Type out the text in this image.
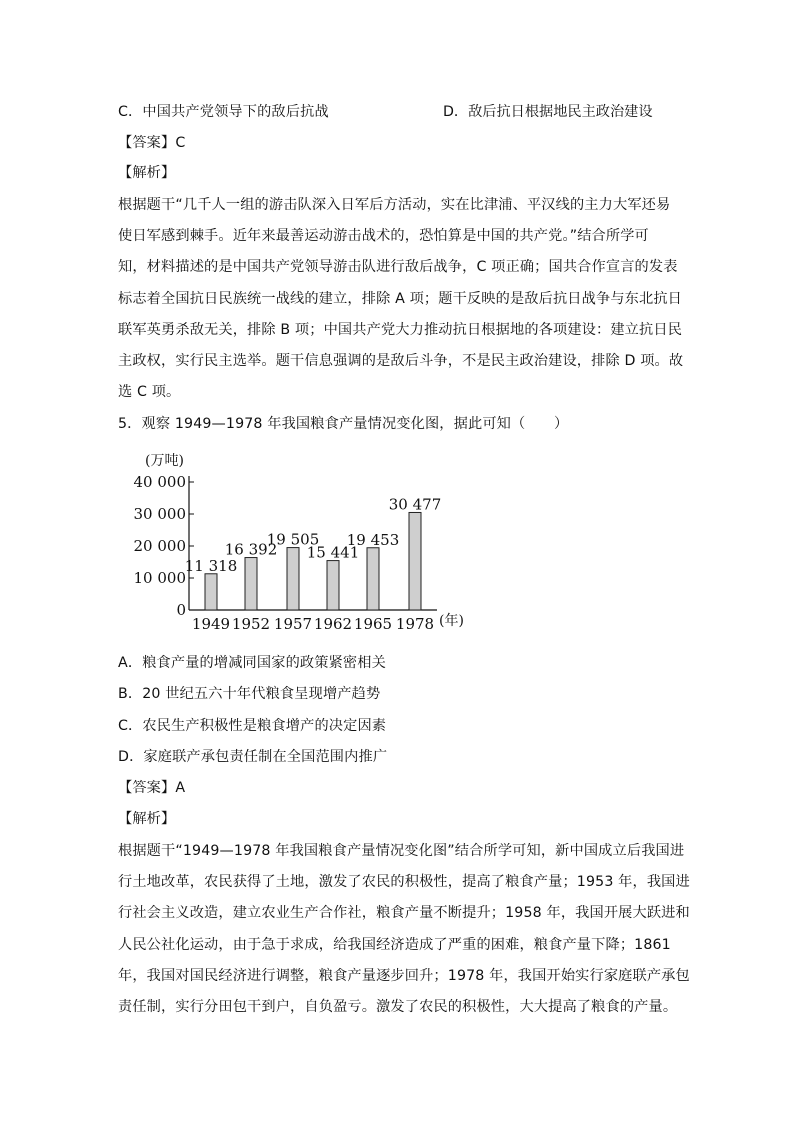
C．中国共产党领导下的敌后抗战	D．敌后抗日根据地民主政治建设
【答案】C
【解析】
根据题干“几千人一组的游击队深入日军后方活动，实在比津浦、平汉线的主力大军还易
使日军感到棘手。近年来最善运动游击战术的，恐怕算是中国的共产党。”结合所学可
知，材料描述的是中国共产党领导游击队进行敌后战争，C 项正确；国共合作宣言的发表
标志着全国抗日民族统一战线的建立，排除 A 项；题干反映的是敌后抗日战争与东北抗日
联军英勇杀敌无关，排除 B 项；中国共产党大力推动抗日根据地的各项建设：建立抗日民
主政权，实行民主选举。题干信息强调的是敌后斗争，不是民主政治建设，排除 D 项。故
选 C 项。
5．观察 1949—1978 年我国粮食产量情况变化图，据此可知（　　）
(万吨)
0
10 000
20 000
30 000
40 000
11 318
1949
16 392
1952
19 505
1957
15 441
1962
19 453
1965
30 477
1978 (年)
A．粮食产量的增减同国家的政策紧密相关
B．20 世纪五六十年代粮食呈现增产趋势
C．农民生产积极性是粮食增产的决定因素
D．家庭联产承包责任制在全国范围内推广
【答案】A
【解析】
根据题干“1949—1978 年我国粮食产量情况变化图”结合所学可知，新中国成立后我国进
行土地改革，农民获得了土地，激发了农民的积极性，提高了粮食产量；1953 年，我国进
行社会主义改造，建立农业生产合作社，粮食产量不断提升；1958 年，我国开展大跃进和
人民公社化运动，由于急于求成，给我国经济造成了严重的困难，粮食产量下降；1861
年，我国对国民经济进行调整，粮食产量逐步回升；1978 年，我国开始实行家庭联产承包
责任制，实行分田包干到户，自负盈亏。激发了农民的积极性，大大提高了粮食的产量。
